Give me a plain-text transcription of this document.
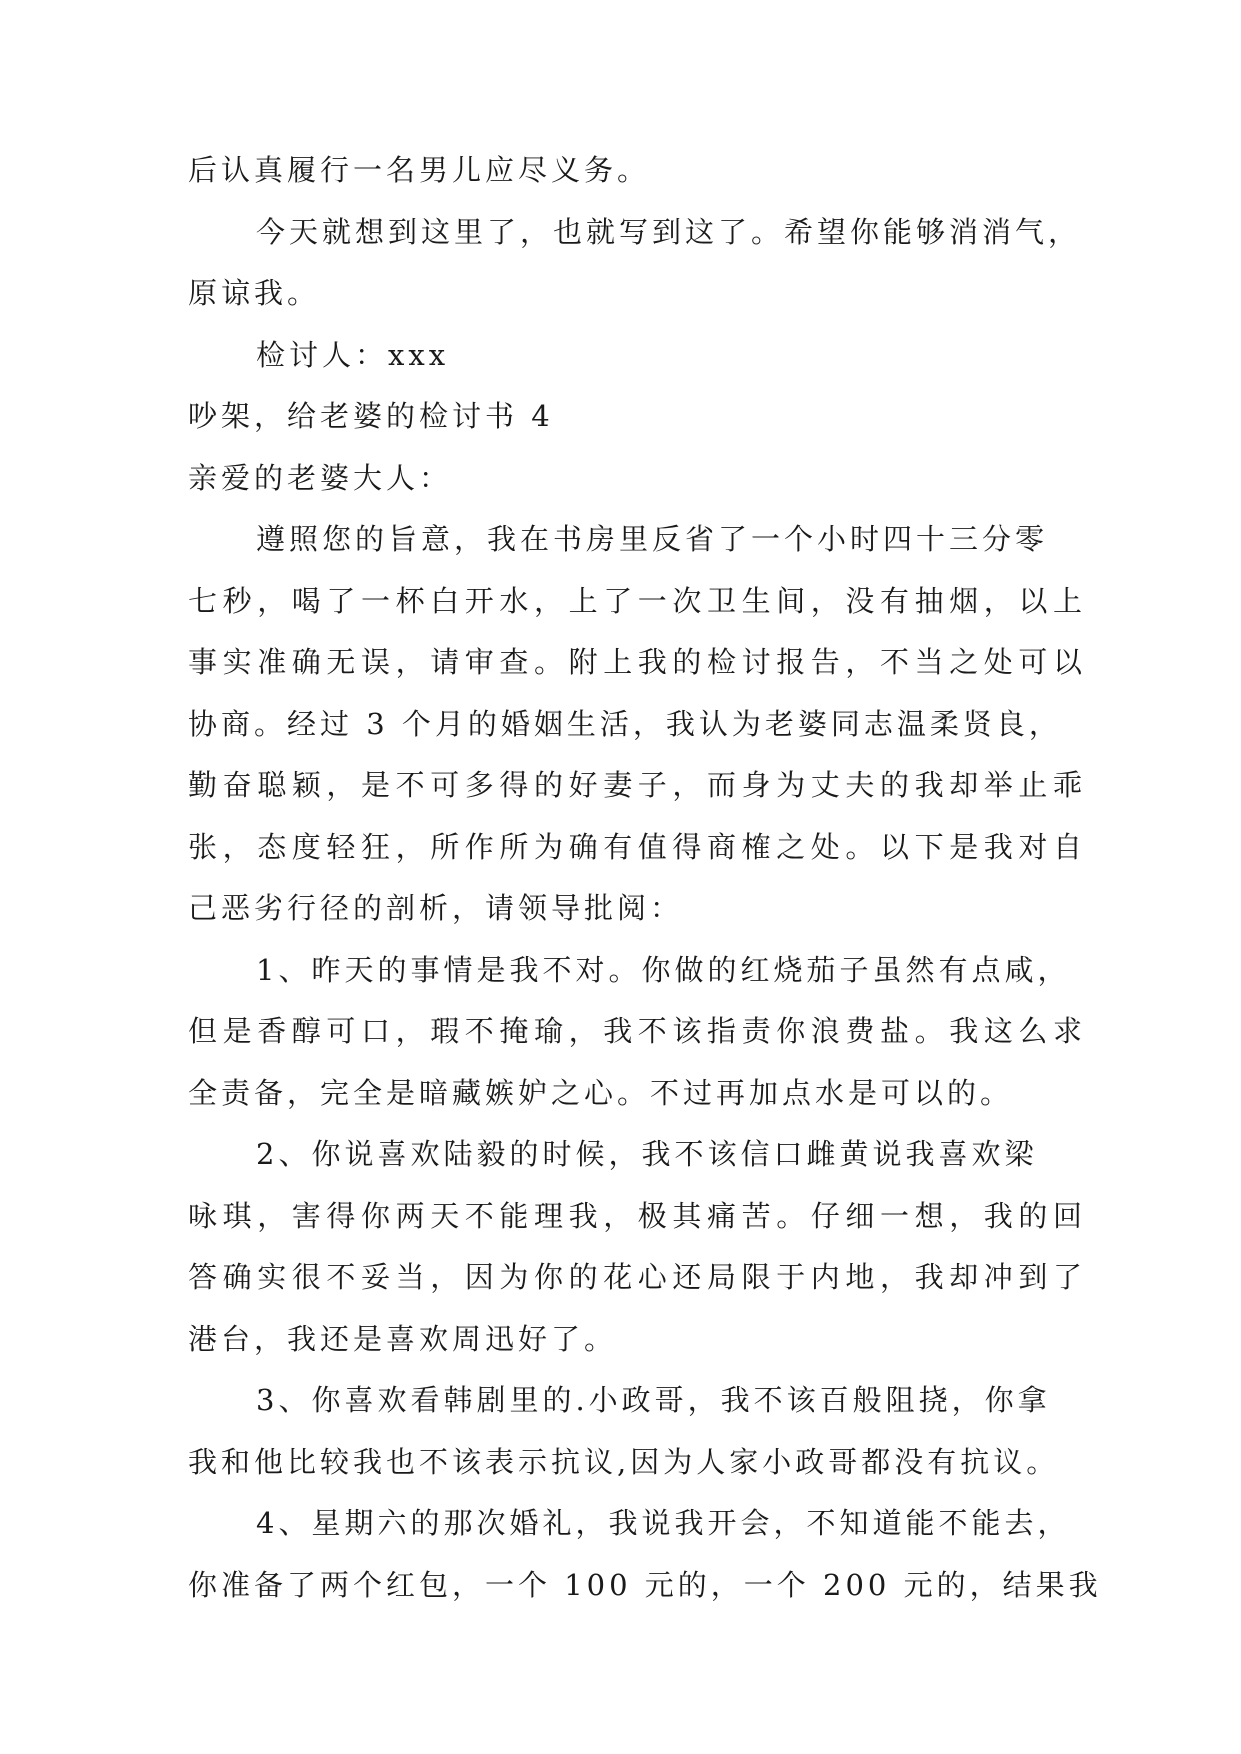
后认真履行一名男儿应尽义务。

今天就想到这里了，也就写到这了。希望你能够消消气，

原谅我。

检讨人：xxx

吵架，给老婆的检讨书 4

亲爱的老婆大人：

遵照您的旨意，我在书房里反省了一个小时四十三分零

七秒，喝了一杯白开水，上了一次卫生间，没有抽烟，以上

事实准确无误，请审查。附上我的检讨报告，不当之处可以

协商。经过 3 个月的婚姻生活，我认为老婆同志温柔贤良，

勤奋聪颖，是不可多得的好妻子，而身为丈夫的我却举止乖

张，态度轻狂，所作所为确有值得商榷之处。以下是我对自

己恶劣行径的剖析，请领导批阅：

1、昨天的事情是我不对。你做的红烧茄子虽然有点咸，

但是香醇可口，瑕不掩瑜，我不该指责你浪费盐。我这么求

全责备，完全是暗藏嫉妒之心。不过再加点水是可以的。

2、你说喜欢陆毅的时候，我不该信口雌黄说我喜欢梁

咏琪，害得你两天不能理我，极其痛苦。仔细一想，我的回

答确实很不妥当，因为你的花心还局限于内地，我却冲到了

港台，我还是喜欢周迅好了。

3、你喜欢看韩剧里的.小政哥，我不该百般阻挠，你拿

我和他比较我也不该表示抗议,因为人家小政哥都没有抗议。

4、星期六的那次婚礼，我说我开会，不知道能不能去，

你准备了两个红包，一个 100 元的，一个 200 元的，结果我
